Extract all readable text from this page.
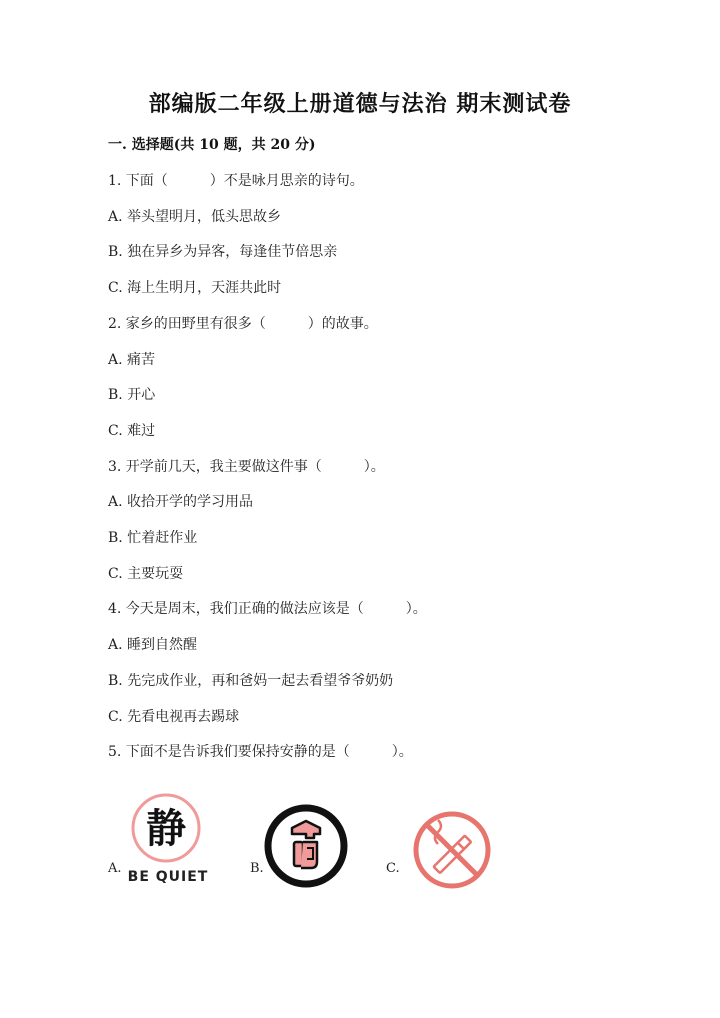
部编版二年级上册道德与法治 期末测试卷
一. 选择题(共 10 题，共 20 分)
1. 下面（　　　）不是咏月思亲的诗句。
A. 举头望明月，低头思故乡
B. 独在异乡为异客，每逢佳节倍思亲
C. 海上生明月，天涯共此时
2. 家乡的田野里有很多（　　　）的故事。
A. 痛苦
B. 开心
C. 难过
3. 开学前几天，我主要做这件事（　　　）。
A. 收拾开学的学习用品
B. 忙着赶作业
C. 主要玩耍
4. 今天是周末，我们正确的做法应该是（　　　）。
A. 睡到自然醒
B. 先完成作业，再和爸妈一起去看望爷爷奶奶
C. 先看电视再去踢球
5. 下面不是告诉我们要保持安静的是（　　　）。
A.
静
BE QUIET
B.	C.
